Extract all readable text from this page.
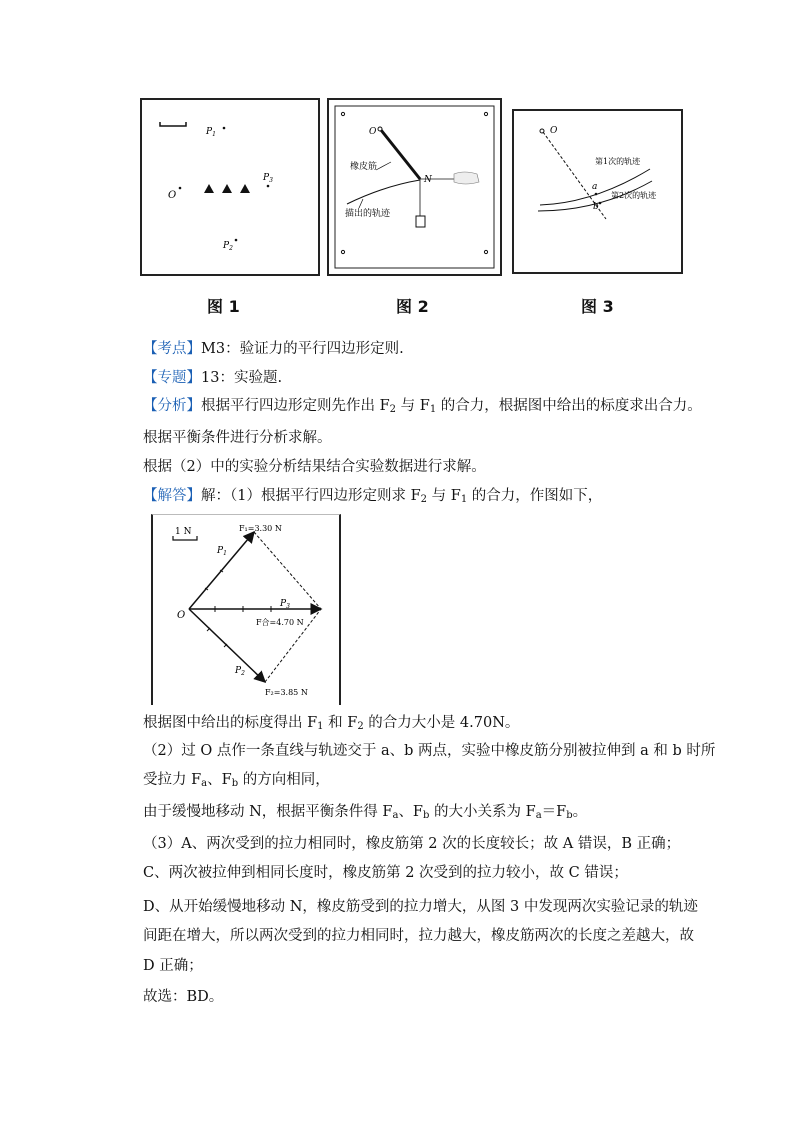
$P_1$
$P_3$
O
$P_2$
图 1
O
橡皮筋
N
描出的轨迹
图 2
O
第1次的轨迹
第2次的轨迹
a
b
图 3
【考点】M3：验证力的平行四边形定则.
【专题】13：实验题.
【分析】根据平行四边形定则先作出 $F_2$ 与 $F_1$ 的合力，根据图中给出的标度求出合力。
根据平衡条件进行分析求解。
根据（2）中的实验分析结果结合实验数据进行求解。
【解答】解：（1）根据平行四边形定则求 $F_2$ 与 $F_1$ 的合力，作图如下，
1 N	F₁=3.30 N
$P_1$
$P_2$
F₂=3.85 N
$P_3$
F合=4.70 N
O
根据图中给出的标度得出 $F_1$ 和 $F_2$ 的合力大小是 4.70N。
（2）过 O 点作一条直线与轨迹交于 a、b 两点，实验中橡皮筋分别被拉伸到 a 和 b 时所
受拉力 $F_a$、$F_b$ 的方向相同，
由于缓慢地移动 N，根据平衡条件得 $F_a$、$F_b$ 的大小关系为 $F_a=F_b$。
（3）A、两次受到的拉力相同时，橡皮筋第 2 次的长度较长；故 A 错误，B 正确；
C、两次被拉伸到相同长度时，橡皮筋第 2 次受到的拉力较小，故 C 错误；
D、从开始缓慢地移动 N，橡皮筋受到的拉力增大，从图 3 中发现两次实验记录的轨迹
间距在增大，所以两次受到的拉力相同时，拉力越大，橡皮筋两次的长度之差越大，故
D 正确；
故选：BD。
